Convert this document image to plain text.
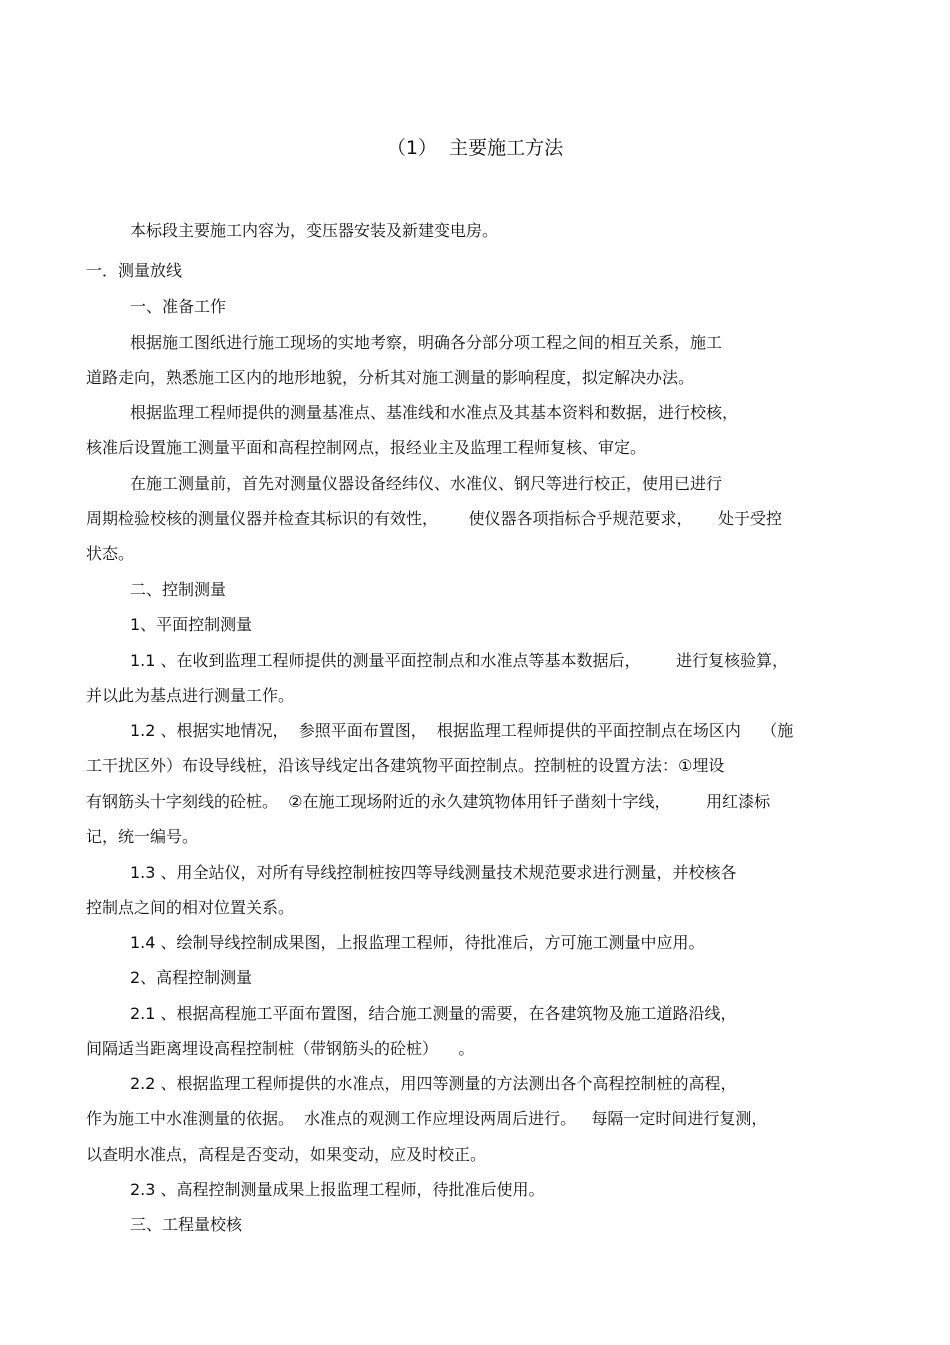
（1）  主要施工方法
本标段主要施工内容为，变压器安装及新建变电房。
一．测量放线
一、准备工作
根据施工图纸进行施工现场的实地考察，明确各分部分项工程之间的相互关系，施工
道路走向，熟悉施工区内的地形地貌，分析其对施工测量的影响程度，拟定解决办法。
根据监理工程师提供的测量基准点、基准线和水准点及其基本资料和数据，进行校核，
核准后设置施工测量平面和高程控制网点，报经业主及监理工程师复核、审定。
在施工测量前，首先对测量仪器设备经纬仪、水准仪、钢尺等进行校正，使用已进行
周期检验校核的测量仪器并检查其标识的有效性，      使仪器各项指标合乎规范要求，     处于受控
状态。
二、控制测量
1、平面控制测量
1.1 、在收到监理工程师提供的测量平面控制点和水准点等基本数据后，       进行复核验算，
并以此为基点进行测量工作。
1.2 、根据实地情况，  参照平面布置图，  根据监理工程师提供的平面控制点在场区内    （施
工干扰区外）布设导线桩，沿该导线定出各建筑物平面控制点。控制桩的设置方法：①埋设
有钢筋头十字刻线的砼桩。  ②在施工现场附近的永久建筑物体用钎子凿刻十字线，       用红漆标
记，统一编号。
1.3 、用全站仪，对所有导线控制桩按四等导线测量技术规范要求进行测量，并校核各
控制点之间的相对位置关系。
1.4 、绘制导线控制成果图，上报监理工程师，待批准后，方可施工测量中应用。
2、高程控制测量
2.1 、根据高程施工平面布置图，结合施工测量的需要，在各建筑物及施工道路沿线，
间隔适当距离埋设高程控制桩（带钢筋头的砼桩）    。
2.2 、根据监理工程师提供的水准点，用四等测量的方法测出各个高程控制桩的高程，
作为施工中水准测量的依据。  水准点的观测工作应埋设两周后进行。   每隔一定时间进行复测，
以查明水准点，高程是否变动，如果变动，应及时校正。
2.3 、高程控制测量成果上报监理工程师，待批准后使用。
三、工程量校核
